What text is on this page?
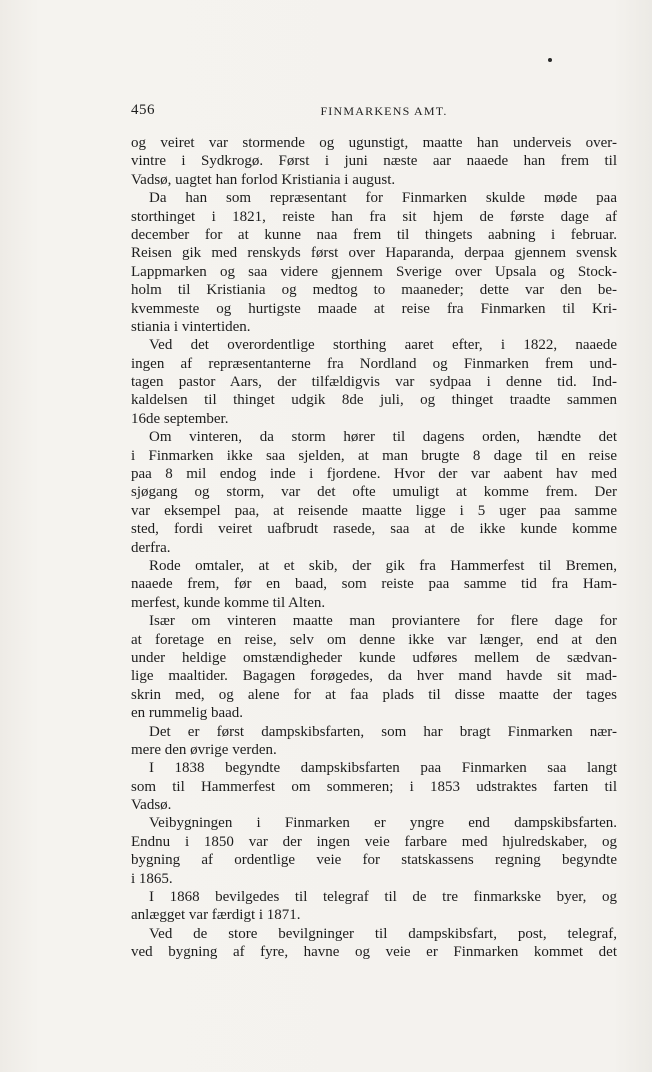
456	FINMARKENS AMT.
og veiret var stormende og ugunstigt, maatte han underveis over-
vintre i Sydkrogø. Først i juni næste aar naaede han frem til
Vadsø, uagtet han forlod Kristiania i august.
Da han som repræsentant for Finmarken skulde møde paa
storthinget i 1821, reiste han fra sit hjem de første dage af
december for at kunne naa frem til thingets aabning i februar.
Reisen gik med renskyds først over Haparanda, derpaa gjennem svensk
Lappmarken og saa videre gjennem Sverige over Upsala og Stock-
holm til Kristiania og medtog to maaneder; dette var den be-
kvemmeste og hurtigste maade at reise fra Finmarken til Kri-
stiania i vintertiden.
Ved det overordentlige storthing aaret efter, i 1822, naaede
ingen af repræsentanterne fra Nordland og Finmarken frem und-
tagen pastor Aars, der tilfældigvis var sydpaa i denne tid. Ind-
kaldelsen til thinget udgik 8de juli, og thinget traadte sammen
16de september.
Om vinteren, da storm hører til dagens orden, hændte det
i Finmarken ikke saa sjelden, at man brugte 8 dage til en reise
paa 8 mil endog inde i fjordene. Hvor der var aabent hav med
sjøgang og storm, var det ofte umuligt at komme frem. Der
var eksempel paa, at reisende maatte ligge i 5 uger paa samme
sted, fordi veiret uafbrudt rasede, saa at de ikke kunde komme
derfra.
Rode omtaler, at et skib, der gik fra Hammerfest til Bremen,
naaede frem, før en baad, som reiste paa samme tid fra Ham-
merfest, kunde komme til Alten.
Især om vinteren maatte man proviantere for flere dage for
at foretage en reise, selv om denne ikke var længer, end at den
under heldige omstændigheder kunde udføres mellem de sædvan-
lige maaltider. Bagagen forøgedes, da hver mand havde sit mad-
skrin med, og alene for at faa plads til disse maatte der tages
en rummelig baad.
Det er først dampskibsfarten, som har bragt Finmarken nær-
mere den øvrige verden.
I 1838 begyndte dampskibsfarten paa Finmarken saa langt
som til Hammerfest om sommeren; i 1853 udstraktes farten til
Vadsø.
Veibygningen i Finmarken er yngre end dampskibsfarten.
Endnu i 1850 var der ingen veie farbare med hjulredskaber, og
bygning af ordentlige veie for statskassens regning begyndte
i 1865.
I 1868 bevilgedes til telegraf til de tre finmarkske byer, og
anlægget var færdigt i 1871.
Ved de store bevilgninger til dampskibsfart, post, telegraf,
ved bygning af fyre, havne og veie er Finmarken kommet det
